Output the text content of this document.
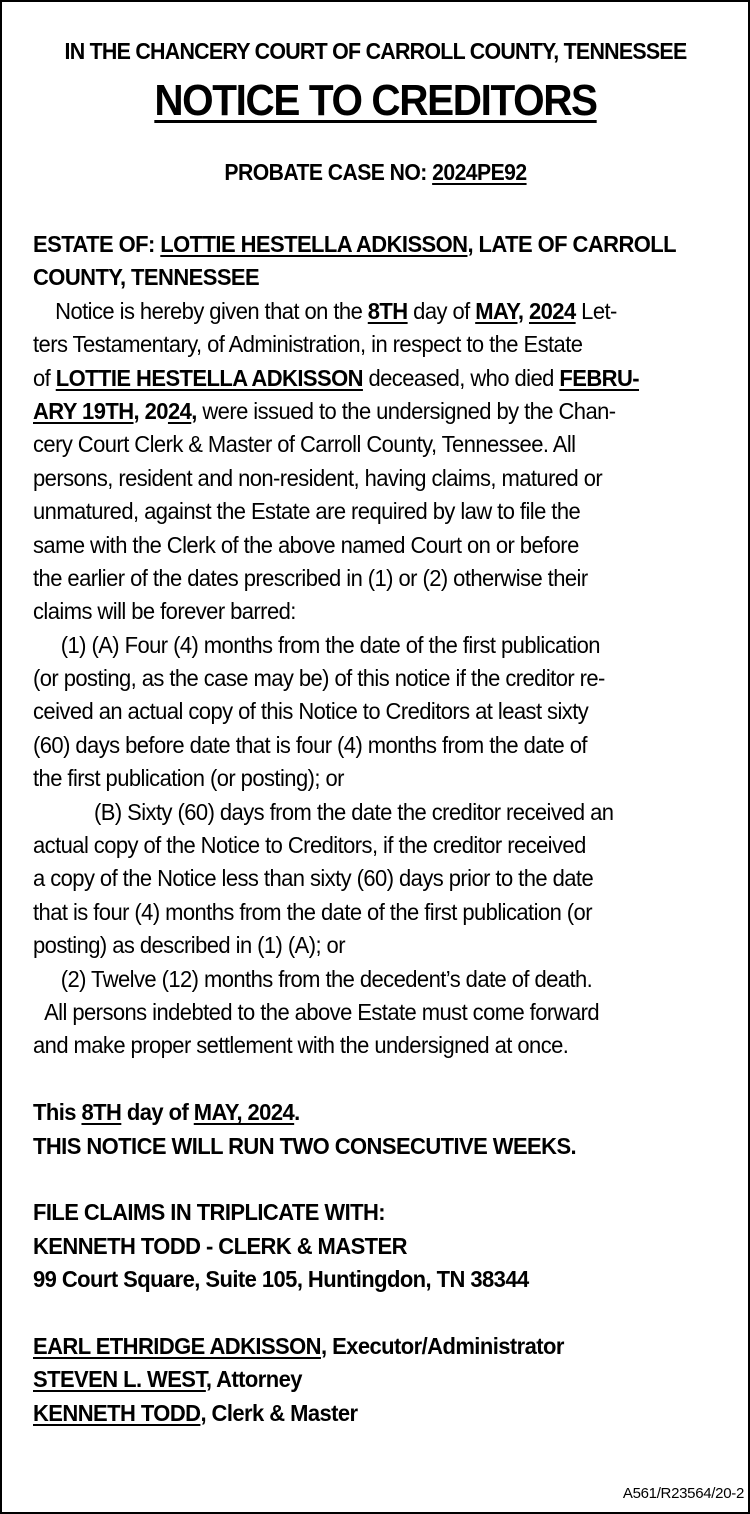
IN THE CHANCERY COURT OF CARROLL COUNTY, TENNESSEE
NOTICE TO CREDITORS
PROBATE CASE NO: 2024PE92
ESTATE OF: LOTTIE HESTELLA ADKISSON, LATE OF CARROLL
COUNTY, TENNESSEE
Notice is hereby given that on the 8TH day of MAY, 2024 Let-
ters Testamentary, of Administration, in respect to the Estate
of LOTTIE HESTELLA ADKISSON deceased, who died FEBRU-
ARY 19TH, 2024, were issued to the undersigned by the Chan-
cery Court Clerk & Master of Carroll County, Tennessee. All
persons, resident and non-resident, having claims, matured or
unmatured, against the Estate are required by law to file the
same with the Clerk of the above named Court on or before
the earlier of the dates prescribed in (1) or (2) otherwise their
claims will be forever barred:
(1) (A) Four (4) months from the date of the first publication
(or posting, as the case may be) of this notice if the creditor re-
ceived an actual copy of this Notice to Creditors at least sixty
(60) days before date that is four (4) months from the date of
the first publication (or posting); or
(B) Sixty (60) days from the date the creditor received an
actual copy of the Notice to Creditors, if the creditor received
a copy of the Notice less than sixty (60) days prior to the date
that is four (4) months from the date of the first publication (or
posting) as described in (1) (A); or
(2) Twelve (12) months from the decedent’s date of death.
All persons indebted to the above Estate must come forward
and make proper settlement with the undersigned at once.
This 8TH day of MAY, 2024.
THIS NOTICE WILL RUN TWO CONSECUTIVE WEEKS.
FILE CLAIMS IN TRIPLICATE WITH:
KENNETH TODD - CLERK & MASTER
99 Court Square, Suite 105, Huntingdon, TN 38344
EARL ETHRIDGE ADKISSON, Executor/Administrator
STEVEN L. WEST, Attorney
KENNETH TODD, Clerk & Master
A561/R23564/20-2
